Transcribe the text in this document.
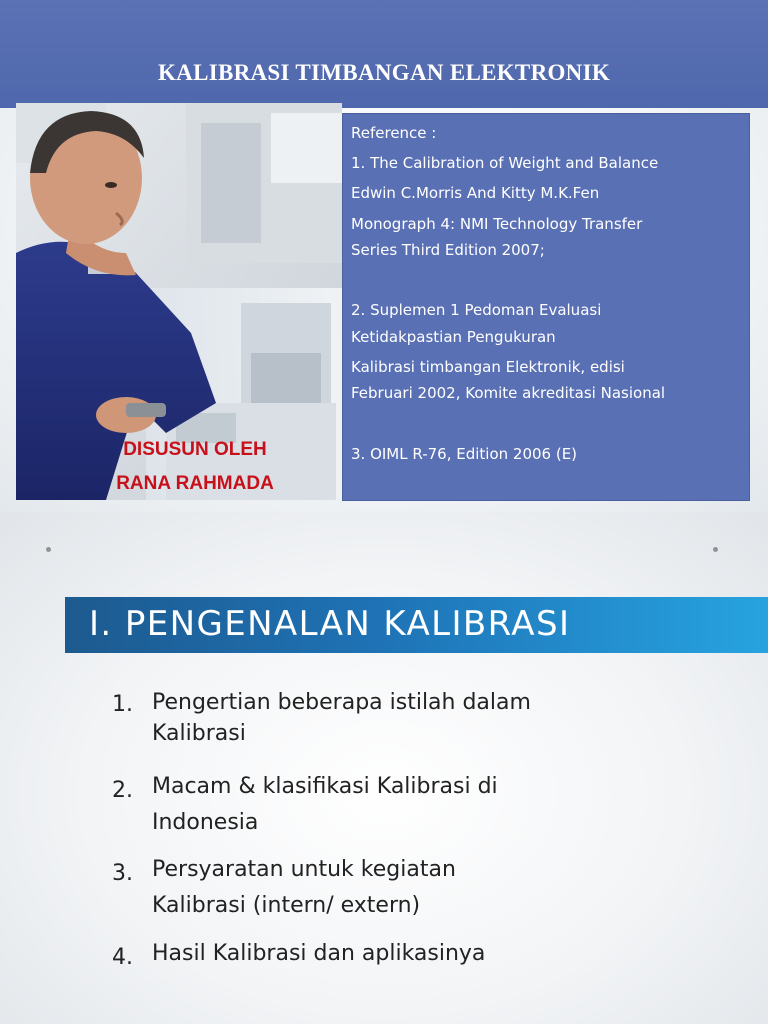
KALIBRASI TIMBANGAN ELEKTRONIK
DISUSUN OLEH
RANA RAHMADA
Reference :
1. The Calibration of Weight and Balance
Edwin C.Morris And Kitty M.K.Fen
Monograph 4: NMI Technology Transfer
Series Third Edition 2007;
2. Suplemen 1 Pedoman Evaluasi
Ketidakpastian Pengukuran
Kalibrasi timbangan Elektronik, edisi
Februari 2002, Komite akreditasi Nasional
3. OIML R-76, Edition 2006 (E)
I. PENGENALAN KALIBRASI
1. Pengertian beberapa istilah dalam
Kalibrasi
2. Macam & klasifikasi Kalibrasi di
Indonesia
3. Persyaratan untuk kegiatan
Kalibrasi (intern/ extern)
4. Hasil Kalibrasi dan aplikasinya
